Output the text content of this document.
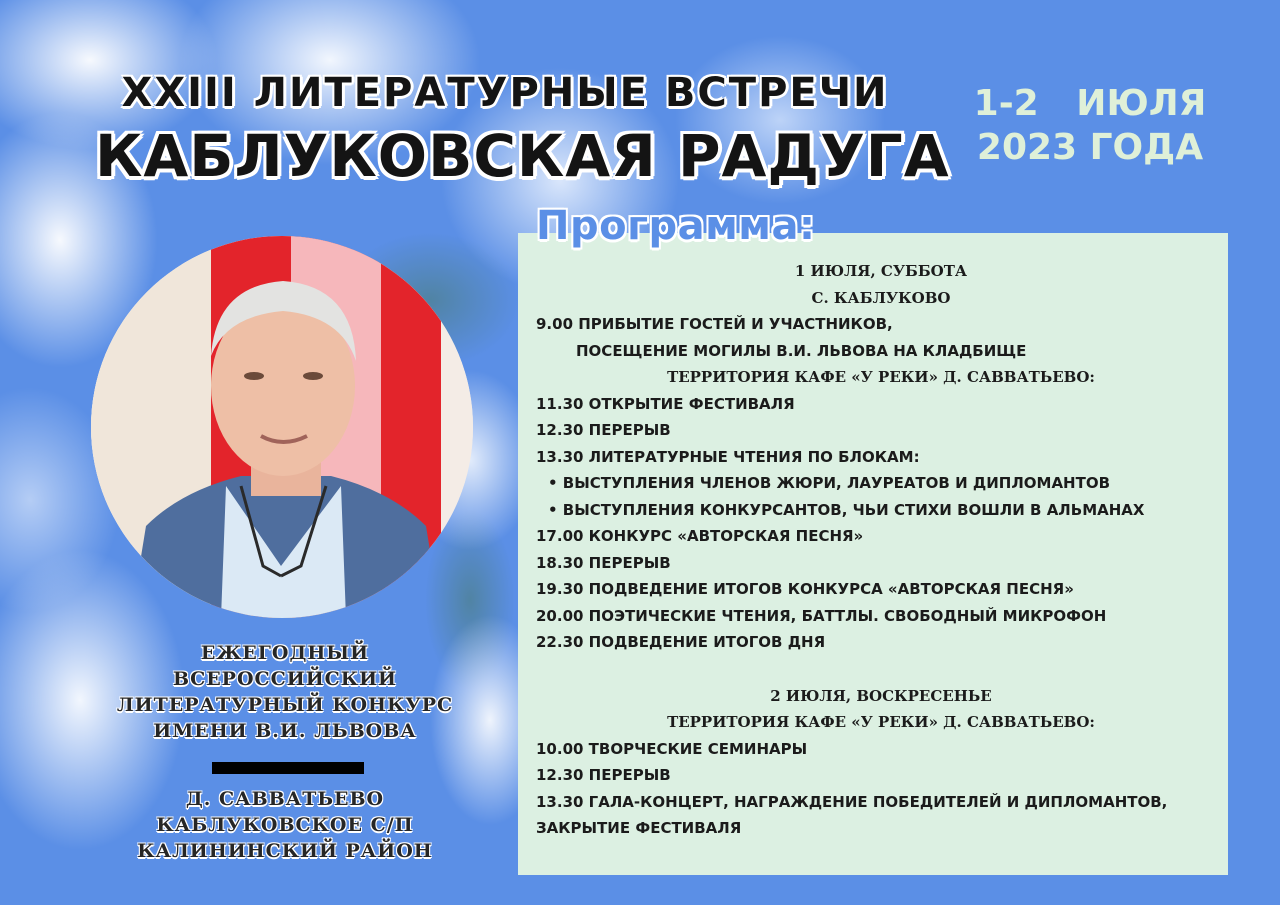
XXIII ЛИТЕРАТУРНЫЕ ВСТРЕЧИ
КАБЛУКОВСКАЯ РАДУГА
1-2   ИЮЛЯ
2023 ГОДА
Программа:
1 ИЮЛЯ, СУББОТА
С. КАБЛУКОВО
9.00 ПРИБЫТИЕ ГОСТЕЙ И УЧАСТНИКОВ,
ПОСЕЩЕНИЕ МОГИЛЫ В.И. ЛЬВОВА НА КЛАДБИЩЕ
ТЕРРИТОРИЯ КАФЕ «У РЕКИ» Д. САВВАТЬЕВО:
11.30 ОТКРЫТИЕ ФЕСТИВАЛЯ
12.30 ПЕРЕРЫВ
13.30 ЛИТЕРАТУРНЫЕ ЧТЕНИЯ ПО БЛОКАМ:
• ВЫСТУПЛЕНИЯ ЧЛЕНОВ ЖЮРИ, ЛАУРЕАТОВ И ДИПЛОМАНТОВ
• ВЫСТУПЛЕНИЯ КОНКУРСАНТОВ, ЧЬИ СТИХИ ВОШЛИ В АЛЬМАНАХ
17.00 КОНКУРС «АВТОРСКАЯ ПЕСНЯ»
18.30 ПЕРЕРЫВ
19.30 ПОДВЕДЕНИЕ ИТОГОВ КОНКУРСА «АВТОРСКАЯ ПЕСНЯ»
20.00 ПОЭТИЧЕСКИЕ ЧТЕНИЯ, БАТТЛЫ. СВОБОДНЫЙ МИКРОФОН
22.30 ПОДВЕДЕНИЕ ИТОГОВ ДНЯ
2 ИЮЛЯ, ВОСКРЕСЕНЬЕ
ТЕРРИТОРИЯ КАФЕ «У РЕКИ» Д. САВВАТЬЕВО:
10.00 ТВОРЧЕСКИЕ СЕМИНАРЫ
12.30 ПЕРЕРЫВ
13.30 ГАЛА-КОНЦЕРТ, НАГРАЖДЕНИЕ ПОБЕДИТЕЛЕЙ И ДИПЛОМАНТОВ,
ЗАКРЫТИЕ ФЕСТИВАЛЯ
ЕЖЕГОДНЫЙ
ВСЕРОССИЙСКИЙ
ЛИТЕРАТУРНЫЙ КОНКУРС
ИМЕНИ В.И. ЛЬВОВА
Д. САВВАТЬЕВО
КАБЛУКОВСКОЕ С/П
КАЛИНИНСКИЙ РАЙОН
